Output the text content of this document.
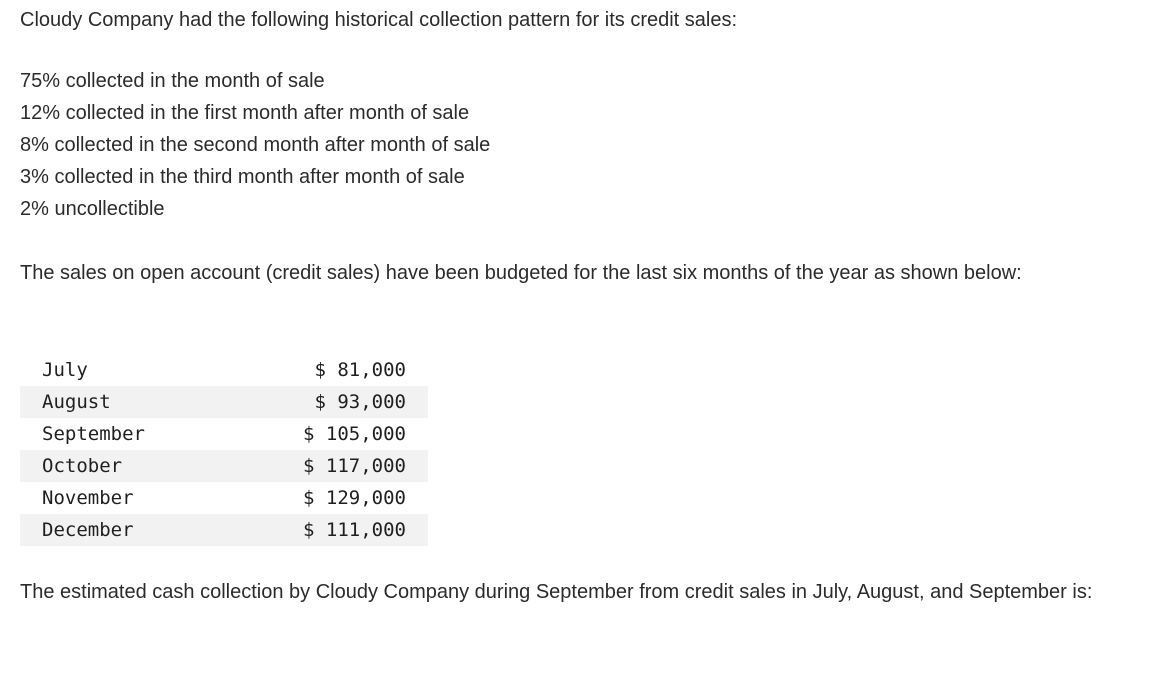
Cloudy Company had the following historical collection pattern for its credit sales:

75% collected in the month of sale
12% collected in the first month after month of sale
8% collected in the second month after month of sale
3% collected in the third month after month of sale
2% uncollectible

The sales on open account (credit sales) have been budgeted for the last six months of the year as shown below:

July	$ 81,000
August	$ 93,000
September	$ 105,000
October	$ 117,000
November	$ 129,000
December	$ 111,000

The estimated cash collection by Cloudy Company during September from credit sales in July, August, and September is:
